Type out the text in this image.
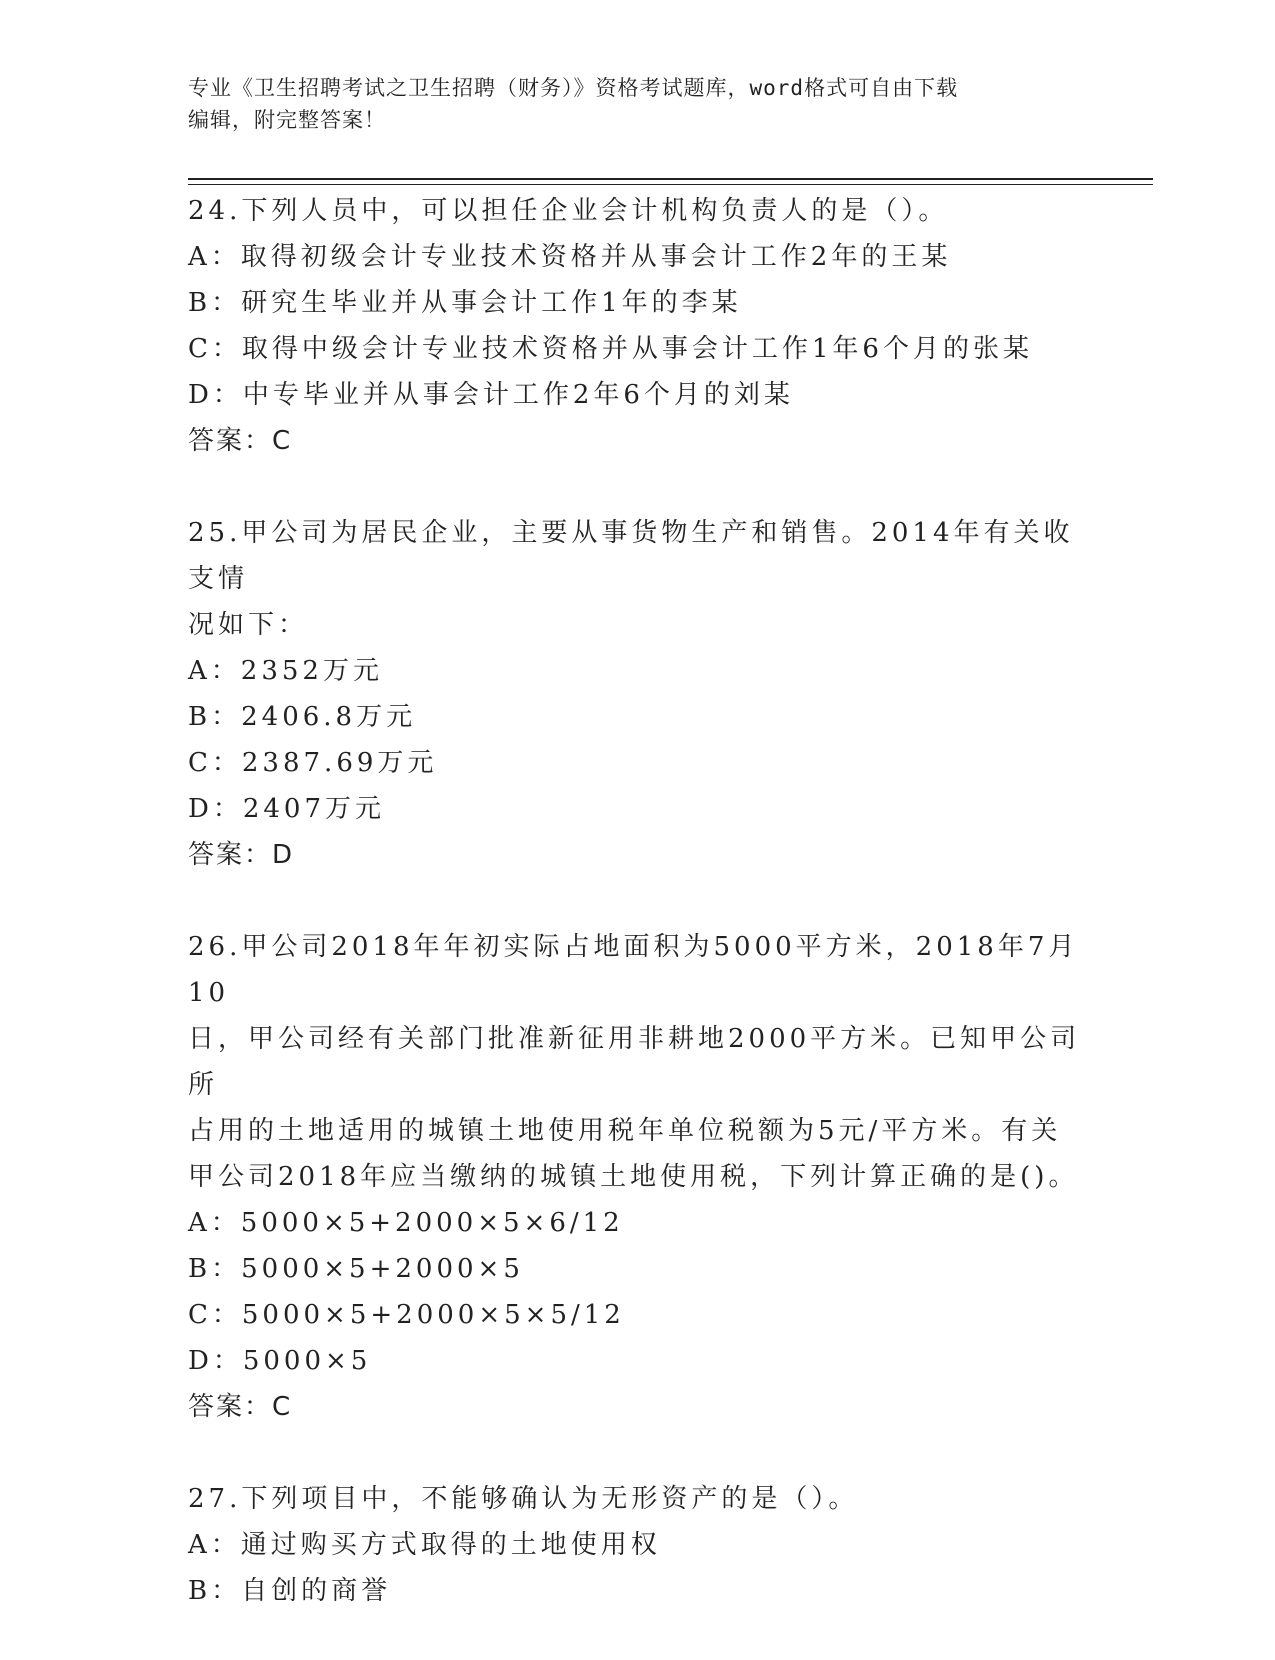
专业《卫生招聘考试之卫生招聘（财务）》资格考试题库，word格式可自由下载
编辑，附完整答案！
24.下列人员中，可以担任企业会计机构负责人的是（）。
A：取得初级会计专业技术资格并从事会计工作2年的王某
B：研究生毕业并从事会计工作1年的李某
C：取得中级会计专业技术资格并从事会计工作1年6个月的张某
D：中专毕业并从事会计工作2年6个月的刘某
答案：C
25.甲公司为居民企业，主要从事货物生产和销售。2014年有关收支情
况如下：
A：2352万元
B：2406.8万元
C：2387.69万元
D：2407万元
答案：D
26.甲公司2018年年初实际占地面积为5000平方米，2018年7月10
日，甲公司经有关部门批准新征用非耕地2000平方米。已知甲公司所
占用的土地适用的城镇土地使用税年单位税额为5元/平方米。有关
甲公司2018年应当缴纳的城镇土地使用税，下列计算正确的是()。
A：5000×5+2000×5×6/12
B：5000×5+2000×5
C：5000×5+2000×5×5/12
D：5000×5
答案：C
27.下列项目中，不能够确认为无形资产的是（）。
A：通过购买方式取得的土地使用权
B：自创的商誉
